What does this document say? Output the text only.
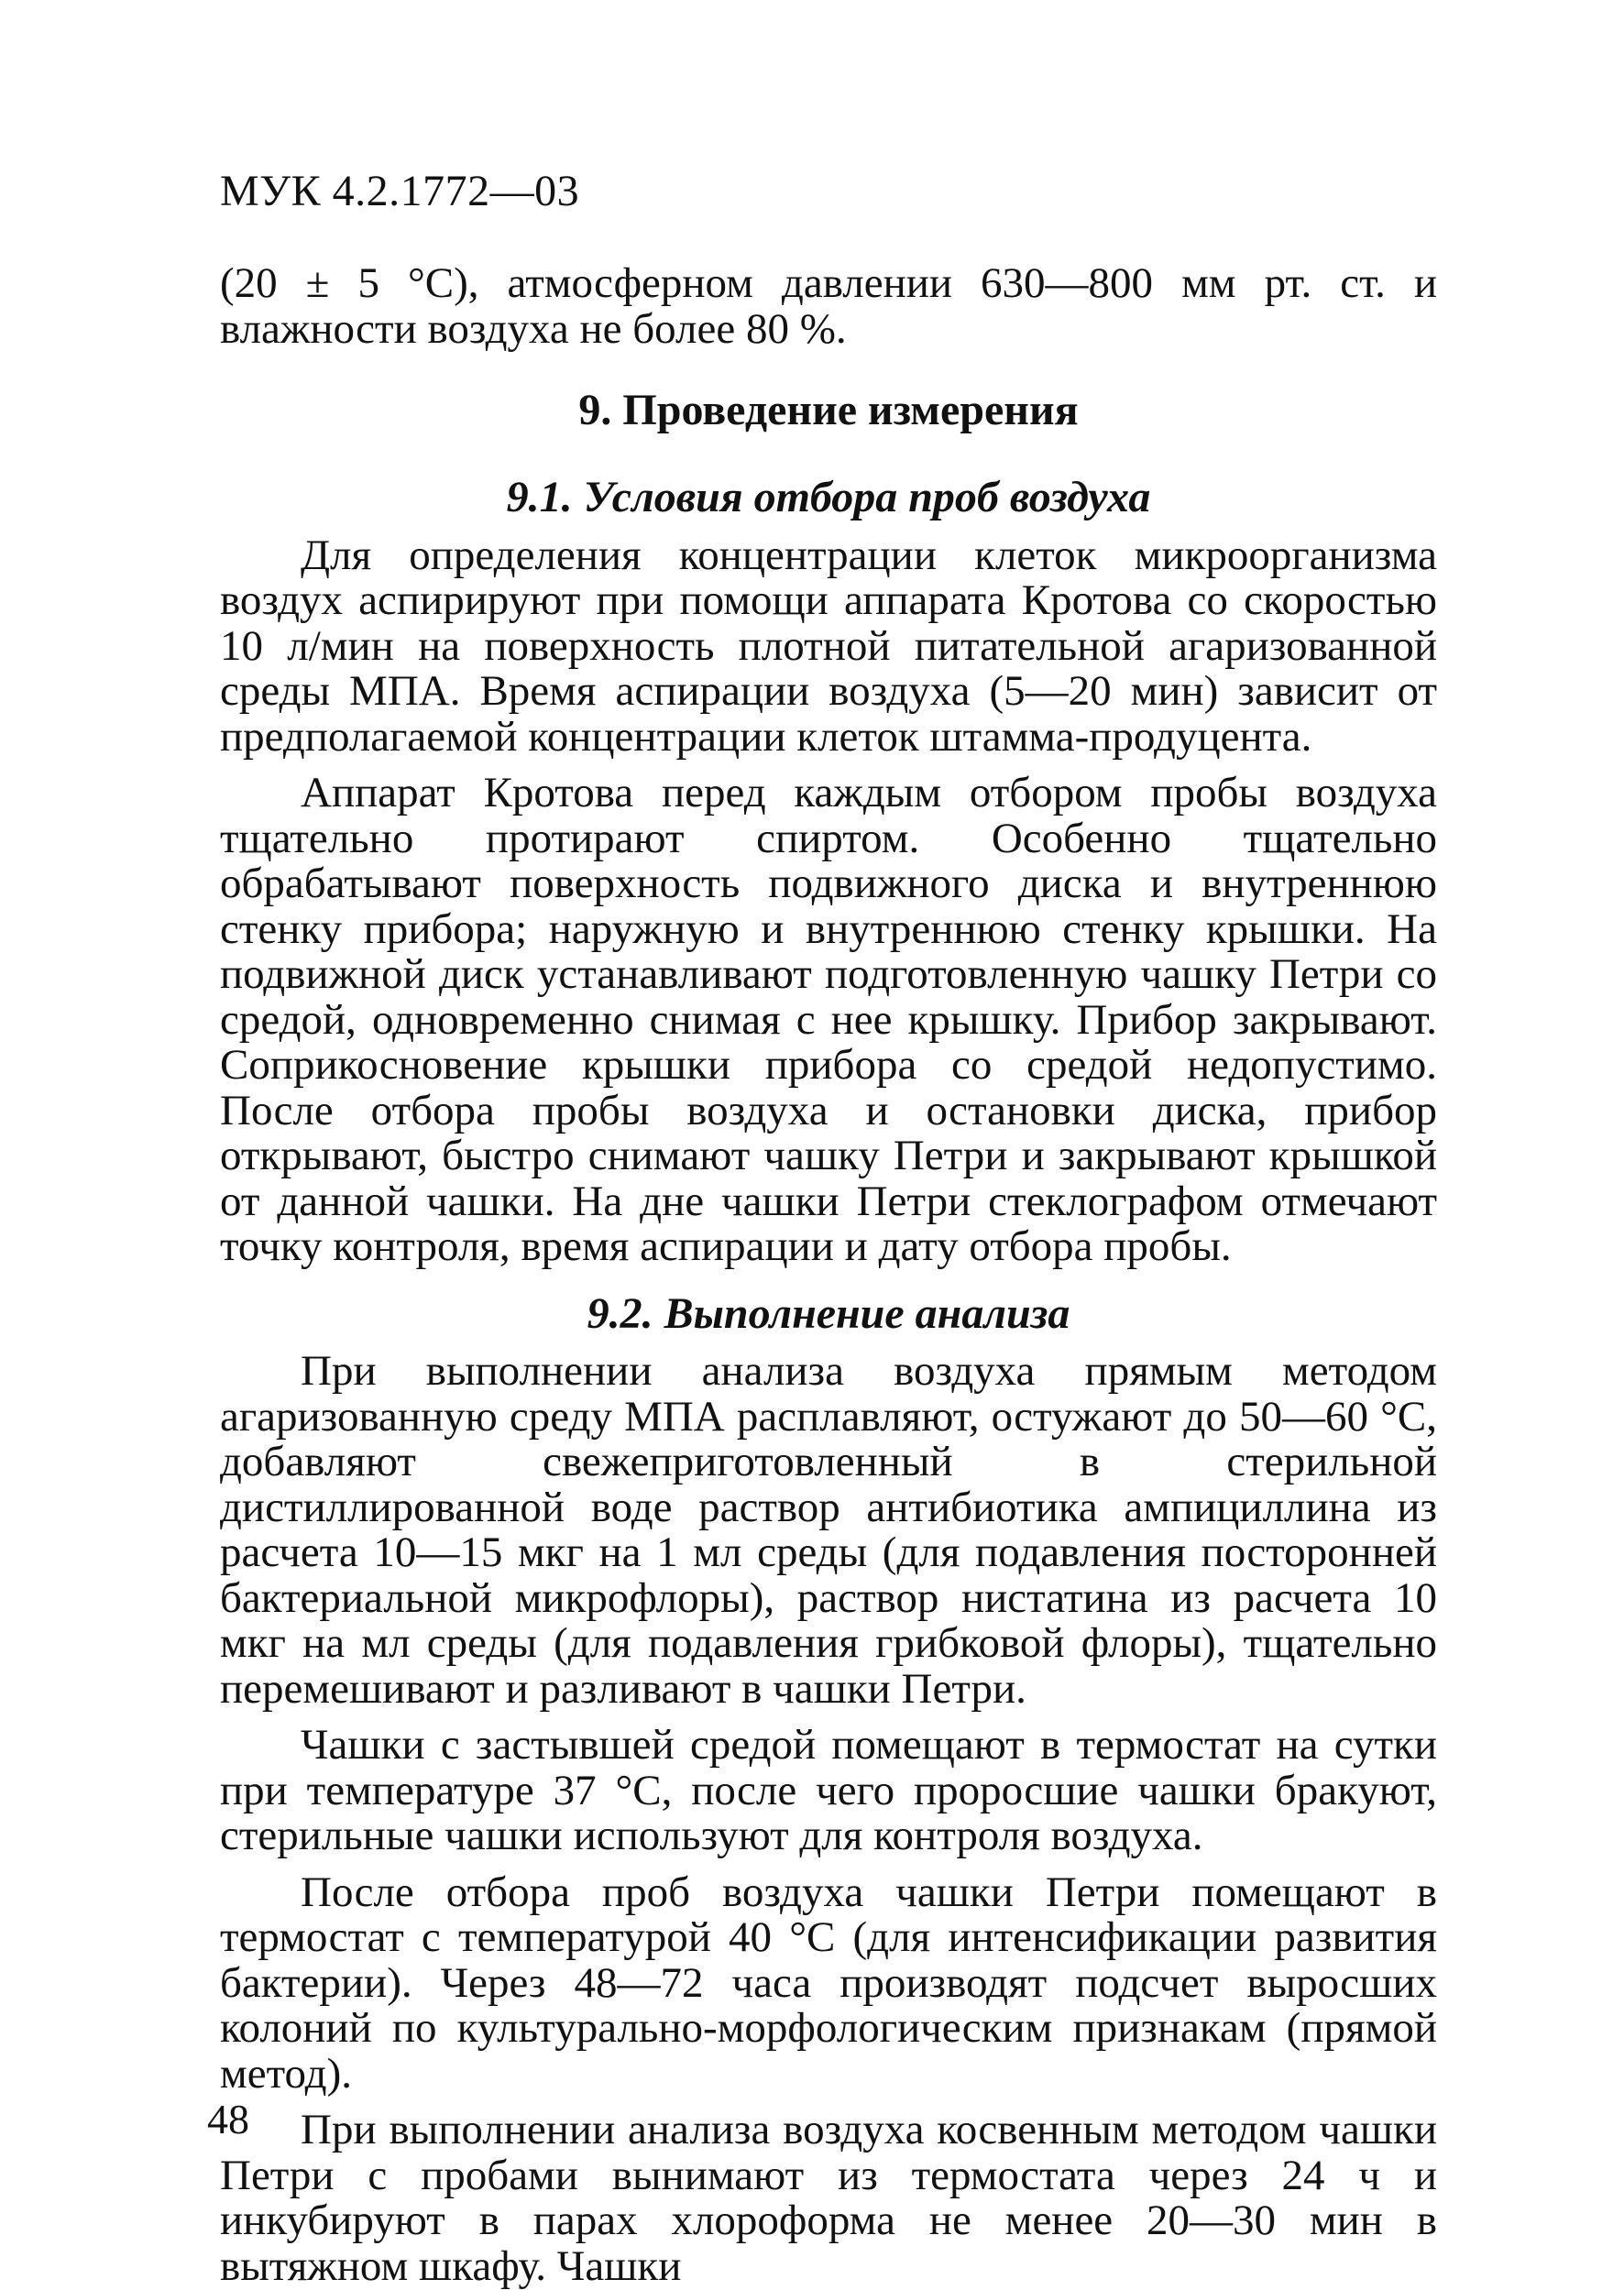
МУК 4.2.1772—03

(20 ± 5 °С), атмосферном давлении 630—800 мм рт. ст. и влажности воздуха не более 80 %.

9. Проведение измерения
9.1. Условия отбора проб воздуха

Для определения концентрации клеток микроорганизма воздух аспирируют при помощи аппарата Кротова со скоростью 10 л/мин на поверхность плотной питательной агаризованной среды МПА. Время аспирации воздуха (5—20 мин) зависит от предполагаемой концентрации клеток штамма-продуцента.

Аппарат Кротова перед каждым отбором пробы воздуха тщательно протирают спиртом. Особенно тщательно обрабатывают поверхность подвижного диска и внутреннюю стенку прибора; наружную и внутреннюю стенку крышки. На подвижной диск устанавливают подготовленную чашку Петри со средой, одновременно снимая с нее крышку. Прибор закрывают. Соприкосновение крышки прибора со средой недопустимо. После отбора пробы воздуха и остановки диска, прибор открывают, быстро снимают чашку Петри и закрывают крышкой от данной чашки. На дне чашки Петри стеклографом отмечают точку контроля, время аспирации и дату отбора пробы.

9.2. Выполнение анализа

При выполнении анализа воздуха прямым методом агаризованную среду МПА расплавляют, остужают до 50—60 °С, добавляют свежеприготовленный в стерильной дистиллированной воде раствор антибиотика ампициллина из расчета 10—15 мкг на 1 мл среды (для подавления посторонней бактериальной микрофлоры), раствор нистатина из расчета 10 мкг на мл среды (для подавления грибковой флоры), тщательно перемешивают и разливают в чашки Петри.

Чашки с застывшей средой помещают в термостат на сутки при температуре 37 °С, после чего проросшие чашки бракуют, стерильные чашки используют для контроля воздуха.

После отбора проб воздуха чашки Петри помещают в термостат с температурой 40 °С (для интенсификации развития бактерии). Через 48—72 часа производят подсчет выросших колоний по культурально-морфологическим признакам (прямой метод).

При выполнении анализа воздуха косвенным методом чашки Петри с пробами вынимают из термостата через 24 ч и инкубируют в парах хлороформа не менее 20—30 мин в вытяжном шкафу. Чашки

48
